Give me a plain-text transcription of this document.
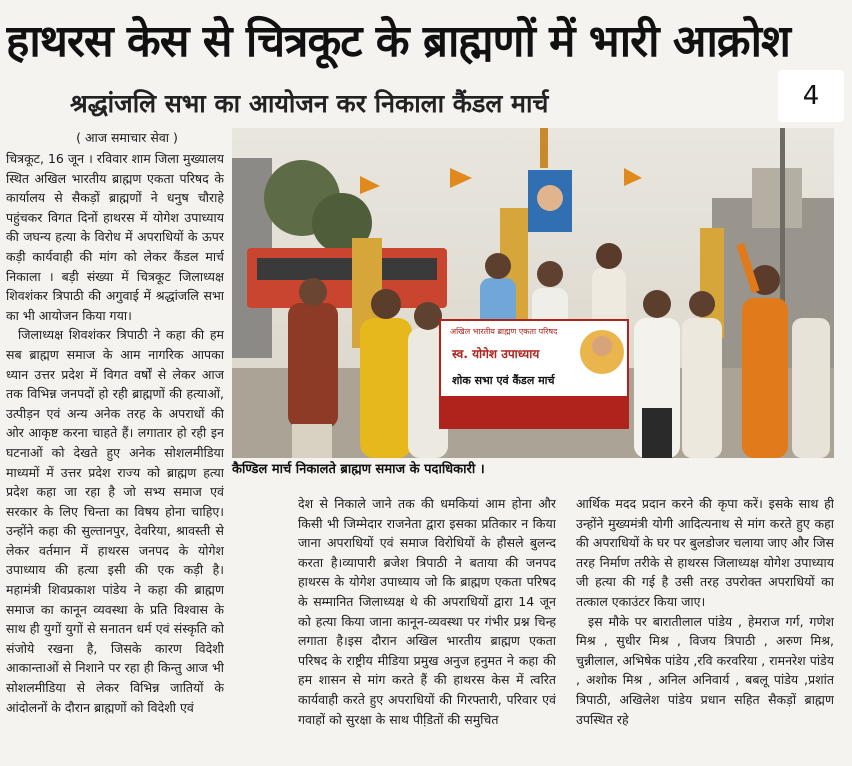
हाथरस केस से चित्रकूट के ब्राह्मणों में भारी आक्रोश
श्रद्धांजलि सभा का आयोजन कर निकाला कैंडल मार्च	4
( आज समाचार सेवा )

चित्रकूट, 16 जून । रविवार शाम जिला मुख्यालय स्थित अखिल भारतीय ब्राह्मण एकता परिषद के कार्यालय से सैकड़ों ब्राह्मणों ने धनुष चौराहे पहुंचकर विगत दिनों हाथरस में योगेश उपाध्याय की जघन्य हत्या के विरोध में अपराधियों के ऊपर कड़ी कार्यवाही की मांग को लेकर कैंडल मार्च निकाला । बड़ी संख्या में चित्रकूट जिलाध्यक्ष शिवशंकर त्रिपाठी की अगुवाई में श्रद्धांजलि सभा का भी आयोजन किया गया।

जिलाध्यक्ष शिवशंकर त्रिपाठी ने कहा की हम सब ब्राह्मण समाज के आम नागरिक आपका ध्यान उत्तर प्रदेश में विगत वर्षों से लेकर आज तक विभिन्न जनपदों हो रही ब्राह्मणों की हत्याओं, उत्पीड़न एवं अन्य अनेक तरह के अपराधों की ओर आकृष्ट करना चाहते हैं। लगातार हो रही इन घटनाओं को देखते हुए अनेक सोशलमीडिया माध्यमों में उत्तर प्रदेश राज्य को ब्राह्मण हत्या प्रदेश कहा जा रहा है जो सभ्य समाज एवं सरकार के लिए चिन्ता का विषय होना चाहिए। उन्होंने कहा की सुल्तानपुर, देवरिया, श्रावस्ती से लेकर वर्तमान में हाथरस जनपद के योगेश उपाध्याय की हत्या इसी की एक कड़ी है। महामंत्री शिवप्रकाश पांडेय ने कहा की ब्राह्मण समाज का कानून व्यवस्था के प्रति विश्वास के साथ ही युगों युगों से सनातन धर्म एवं संस्कृति को संजोये रखना है, जिसके कारण विदेशी आकान्ताओं से निशाने पर रहा ही किन्तु आज भी सोशलमीडिया से लेकर विभिन्न जातियों के आंदोलनों के दौरान ब्राह्मणों को विदेशी एवं

अखिल भारतीय ब्राह्मण एकता परिषद
स्व. योगेश उपाध्याय
शोक सभा एवं कैंडल मार्च
कैण्डिल मार्च निकालते ब्राह्मण समाज के पदाधिकारी ।

देश से निकाले जाने तक की धमकियां आम होना और किसी भी जिम्मेदार राजनेता द्वारा इसका प्रतिकार न किया जाना अपराधियों एवं समाज विरोधियों के हौसले बुलन्द करता है।व्यापारी ब्रजेश त्रिपाठी ने बताया की जनपद हाथरस के योगेश उपाध्याय जो कि ब्राह्मण एकता परिषद के सम्मानित जिलाध्यक्ष थे की अपराधियों द्वारा 14 जून को हत्या किया जाना कानून-व्यवस्था पर गंभीर प्रश्न चिन्ह लगाता है।इस दौरान अखिल भारतीय ब्राह्मण एकता परिषद के राष्ट्रीय मीडिया प्रमुख अनुज हनुमत ने कहा की हम शासन से मांग करते हैं की हाथरस केस में त्वरित कार्यवाही करते हुए अपराधियों की गिरफ्तारी, परिवार एवं गवाहों को सुरक्षा के साथ पीडि़तों की समुचित

आर्थिक मदद प्रदान करने की कृपा करें। इसके साथ ही उन्होंने मुख्यमंत्री योगी आदित्यनाथ से मांग करते हुए कहा की अपराधियों के घर पर बुलडोजर चलाया जाए और जिस तरह निर्माण तरीके से हाथरस जिलाध्यक्ष योगेश उपाध्याय जी हत्या की गई है उसी तरह उपरोक्त अपराधियों का तत्काल एकाउंटर किया जाए।

इस मौके पर बारातीलाल पांडेय , हेमराज गर्ग, गणेश मिश्र , सुधीर मिश्र , विजय त्रिपाठी , अरुण मिश्र, चुन्नीलाल, अभिषेक पांडेय ,रवि करवरिया , रामनरेश पांडेय , अशोक मिश्र , अनिल अनिवार्य , बबलू पांडेय ,प्रशांत त्रिपाठी, अखिलेश पांडेय प्रधान सहित सैकड़ों ब्राह्मण उपस्थित रहे
